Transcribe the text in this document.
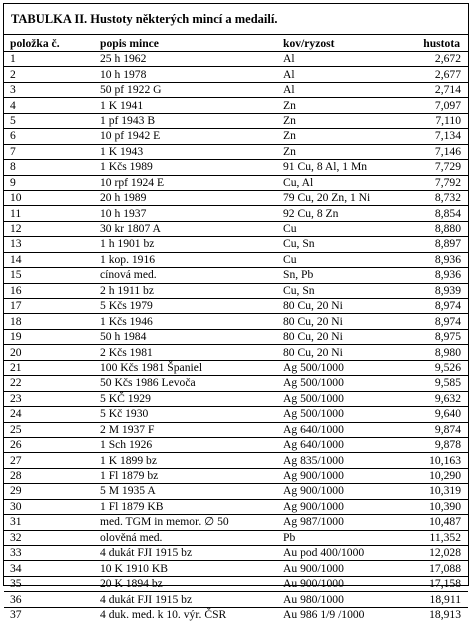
TABULKA II. Hustoty některých mincí a medailí.
položka č.	popis mince	kov/ryzost	hustota
1	25 h 1962	Al	2,672
2	10 h 1978	Al	2,677
3	50 pf 1922 G	Al	2,714
4	1 K 1941	Zn	7,097
5	1 pf 1943 B	Zn	7,110
6	10 pf 1942 E	Zn	7,134
7	1 K 1943	Zn	7,146
8	1 Kčs 1989	91 Cu, 8 Al, 1 Mn	7,729
9	10 rpf 1924 E	Cu, Al	7,792
10	20 h 1989	79 Cu, 20 Zn, 1 Ni	8,732
11	10 h 1937	92 Cu, 8 Zn	8,854
12	30 kr 1807 A	Cu	8,880
13	1 h 1901 bz	Cu, Sn	8,897
14	1 kop. 1916	Cu	8,936
15	cínová med.	Sn, Pb	8,936
16	2 h 1911 bz	Cu, Sn	8,939
17	5 Kčs 1979	80 Cu, 20 Ni	8,974
18	1 Kčs 1946	80 Cu, 20 Ni	8,974
19	50 h 1984	80 Cu, 20 Ni	8,975
20	2 Kčs 1981	80 Cu, 20 Ni	8,980
21	100 Kčs 1981 Španiel	Ag 500/1000	9,526
22	50 Kčs 1986 Levoča	Ag 500/1000	9,585
23	5 KČ 1929	Ag 500/1000	9,632
24	5 Kč 1930	Ag 500/1000	9,640
25	2 M 1937 F	Ag 640/1000	9,874
26	1 Sch 1926	Ag 640/1000	9,878
27	1 K 1899 bz	Ag 835/1000	10,163
28	1 Fl 1879 bz	Ag 900/1000	10,290
29	5 M 1935 A	Ag 900/1000	10,319
30	1 Fl 1879 KB	Ag 900/1000	10,390
31	med. TGM in memor. ∅ 50	Ag 987/1000	10,487
32	olověná med.	Pb	11,352
33	4 dukát FJI 1915 bz	Au pod 400/1000	12,028
34	10 K 1910 KB	Au 900/1000	17,088
35	20 K 1894 bz	Au 900/1000	17,158
36	4 dukát FJI 1915 bz	Au 980/1000	18,911
37	4 duk. med. k 10. výr. ČSR	Au 986 1/9 /1000	18,913
